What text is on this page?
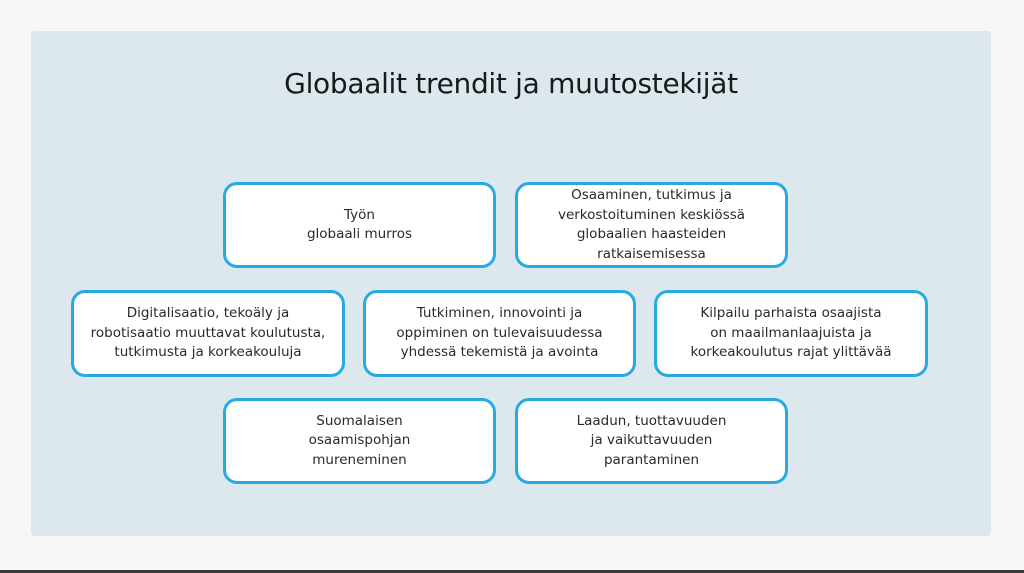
Globaalit trendit ja muutostekijät
Työn
globaali murros
Osaaminen, tutkimus ja
verkostoituminen keskiössä
globaalien haasteiden ratkaisemisessa
Digitalisaatio, tekoäly ja
robotisaatio muuttavat koulutusta,
tutkimusta ja korkeakouluja
Tutkiminen, innovointi ja
oppiminen on tulevaisuudessa
yhdessä tekemistä ja avointa
Kilpailu parhaista osaajista
on maailmanlaajuista ja
korkeakoulutus rajat ylittävää
Suomalaisen
osaamispohjan
mureneminen
Laadun, tuottavuuden
ja vaikuttavuuden
parantaminen
